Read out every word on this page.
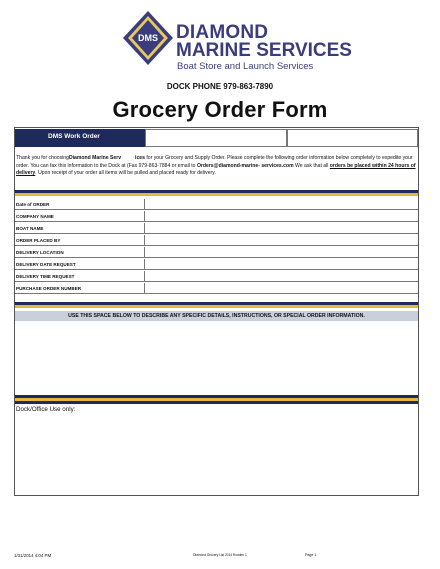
DMS DIAMOND
MARINE SERVICES
Boat Store and Launch Services
DOCK PHONE 979-863-7890
Grocery Order Form
DMS Work Order
Thank you for choosingDiamond Marine Serv	ices for your Grocery and Supply Order. Please complete the following order information below completely to expedite your order. You can fax this information to the Dock at (Fax 979-863-7884 or email to Orders@diamond-marine- services.com We ask that all orders be placed within 24 hours of delivery. Upon receipt of your order all items will be pulled and placed ready for delivery.
Date of ORDER
COMPANY NAME
BOAT NAME
ORDER PLACED BY
DELIVERY LOCATION
DELIVERY DATE REQUEST
DELIVERY TIME REQUEST
PURCHASE ORDER NUMBER
USE THIS SPACE BELOW TO DESCRIBE ANY SPECIFIC DETAILS, INSTRUCTIONS, OR SPECIAL ORDER INFORMATION.
Dock/Office Use only:
1/31/2014 4:04 PM	Diamond Grocery List 2014 Rodden 1	Page 1
